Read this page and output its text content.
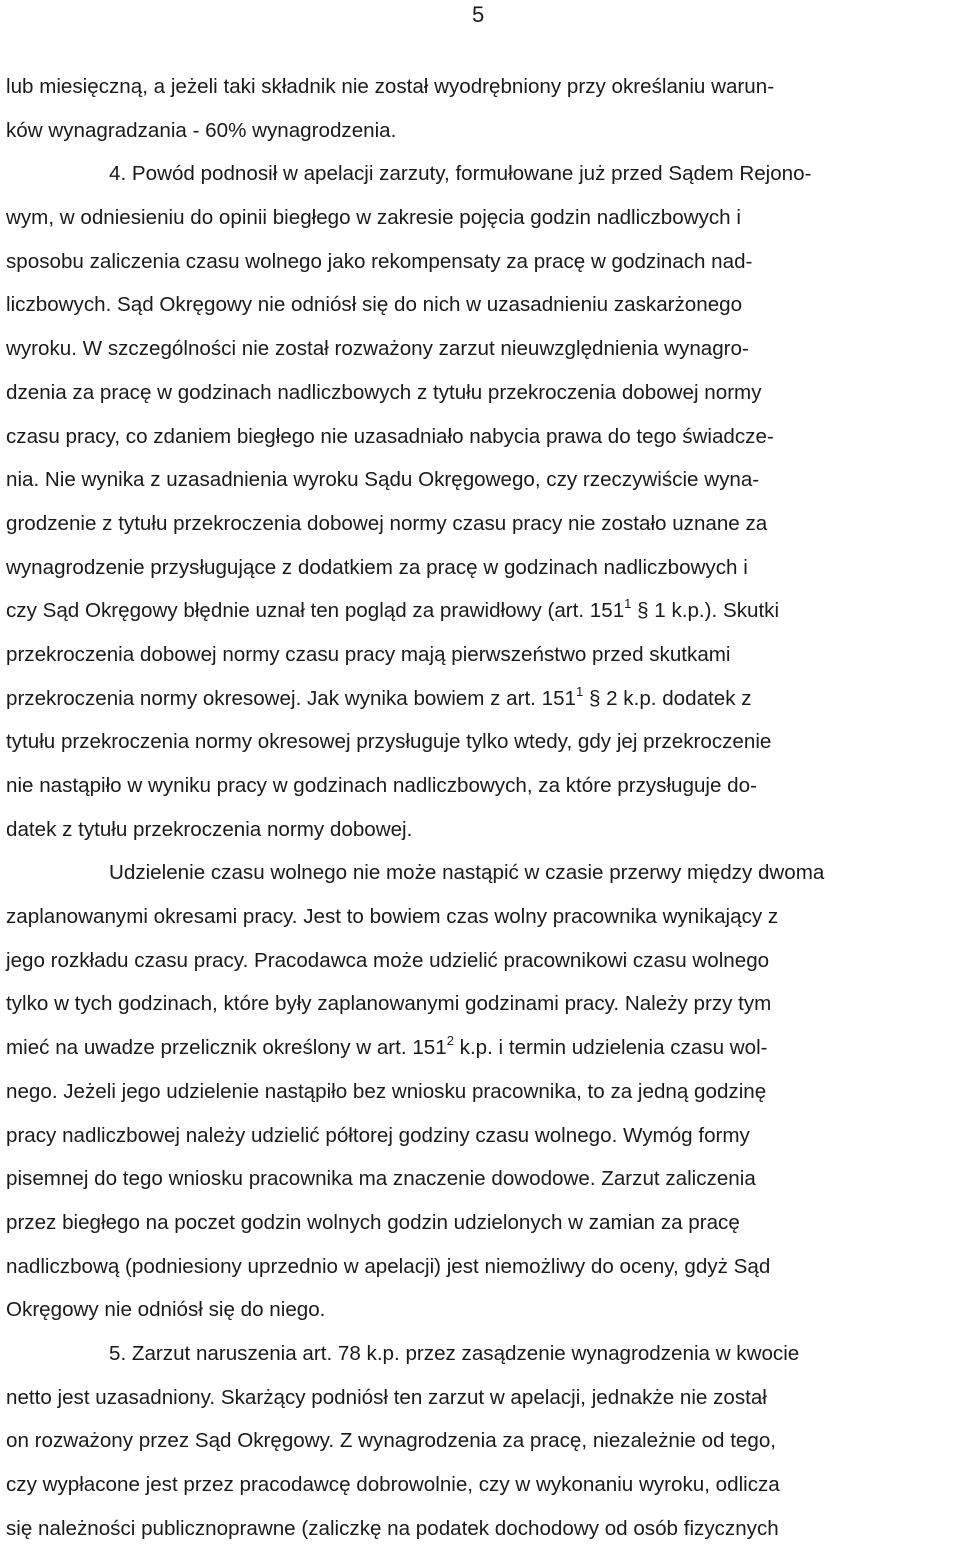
5
lub miesięczną, a jeżeli taki składnik nie został wyodrębniony przy określaniu warun-
ków wynagradzania - 60% wynagrodzenia.
4. Powód podnosił w apelacji zarzuty, formułowane już przed Sądem Rejono-
wym, w odniesieniu do opinii biegłego w zakresie pojęcia godzin nadliczbowych i
sposobu zaliczenia czasu wolnego jako rekompensaty za pracę w godzinach nad-
liczbowych. Sąd Okręgowy nie odniósł się do nich w uzasadnieniu zaskarżonego
wyroku. W szczególności nie został rozważony zarzut nieuwzględnienia wynagro-
dzenia za pracę w godzinach nadliczbowych z tytułu przekroczenia dobowej normy
czasu pracy, co zdaniem biegłego nie uzasadniało nabycia prawa do tego świadcze-
nia. Nie wynika z uzasadnienia wyroku Sądu Okręgowego, czy rzeczywiście wyna-
grodzenie z tytułu przekroczenia dobowej normy czasu pracy nie zostało uznane za
wynagrodzenie przysługujące z dodatkiem za pracę w godzinach nadliczbowych i
czy Sąd Okręgowy błędnie uznał ten pogląd za prawidłowy (art. $151^1$ § 1 k.p.). Skutki
przekroczenia dobowej normy czasu pracy mają pierwszeństwo przed skutkami
przekroczenia normy okresowej. Jak wynika bowiem z art. $151^1$ § 2 k.p. dodatek z
tytułu przekroczenia normy okresowej przysługuje tylko wtedy, gdy jej przekroczenie
nie nastąpiło w wyniku pracy w godzinach nadliczbowych, za które przysługuje do-
datek z tytułu przekroczenia normy dobowej.
Udzielenie czasu wolnego nie może nastąpić w czasie przerwy między dwoma
zaplanowanymi okresami pracy. Jest to bowiem czas wolny pracownika wynikający z
jego rozkładu czasu pracy. Pracodawca może udzielić pracownikowi czasu wolnego
tylko w tych godzinach, które były zaplanowanymi godzinami pracy. Należy przy tym
mieć na uwadze przelicznik określony w art. $151^2$ k.p. i termin udzielenia czasu wol-
nego. Jeżeli jego udzielenie nastąpiło bez wniosku pracownika, to za jedną godzinę
pracy nadliczbowej należy udzielić półtorej godziny czasu wolnego. Wymóg formy
pisemnej do tego wniosku pracownika ma znaczenie dowodowe. Zarzut zaliczenia
przez biegłego na poczet godzin wolnych godzin udzielonych w zamian za pracę
nadliczbową (podniesiony uprzednio w apelacji) jest niemożliwy do oceny, gdyż Sąd
Okręgowy nie odniósł się do niego.
5. Zarzut naruszenia art. 78 k.p. przez zasądzenie wynagrodzenia w kwocie
netto jest uzasadniony. Skarżący podniósł ten zarzut w apelacji, jednakże nie został
on rozważony przez Sąd Okręgowy. Z wynagrodzenia za pracę, niezależnie od tego,
czy wypłacone jest przez pracodawcę dobrowolnie, czy w wykonaniu wyroku, odlicza
się należności publicznoprawne (zaliczkę na podatek dochodowy od osób fizycznych
